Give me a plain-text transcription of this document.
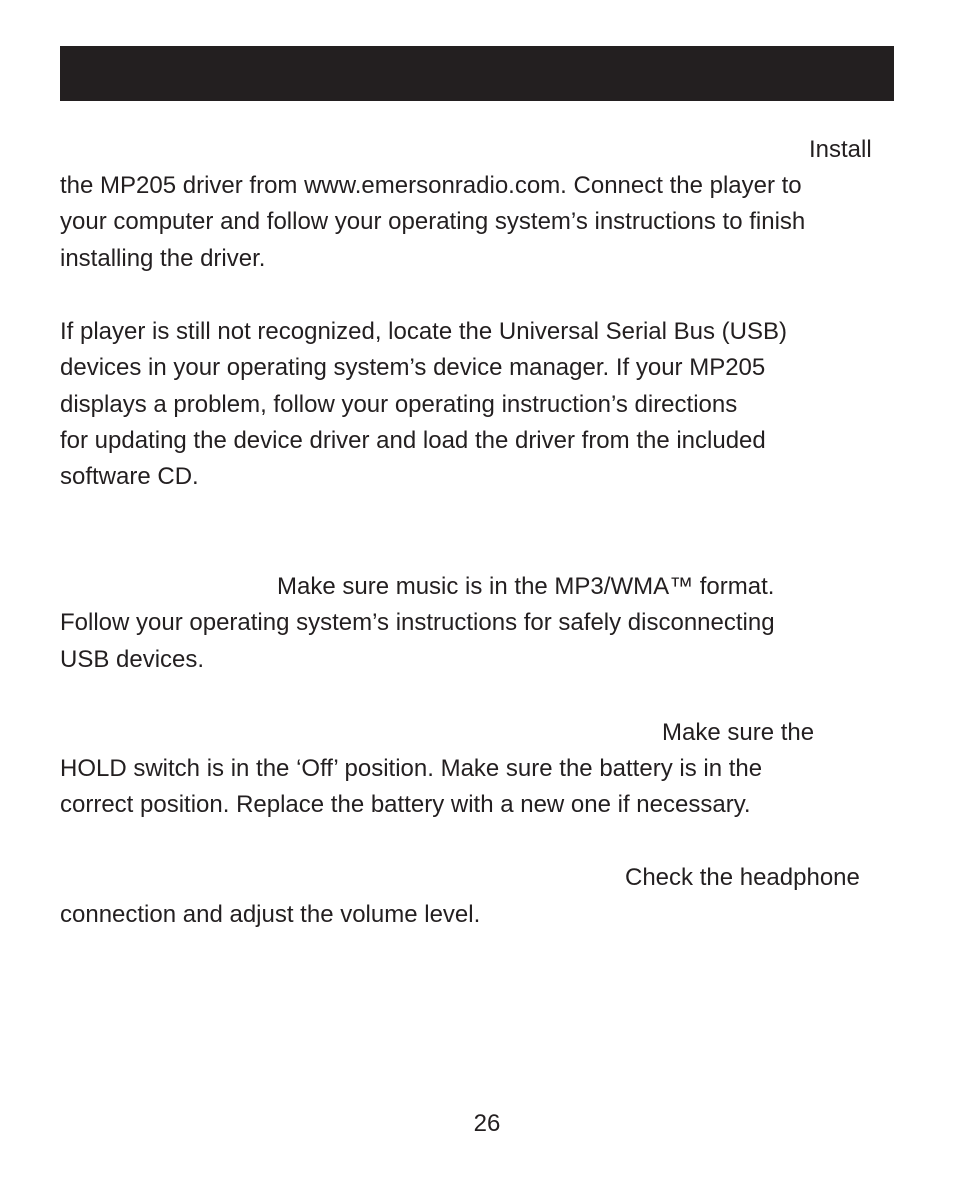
Install

the MP205 driver from www.emersonradio.com. Connect the player to

your computer and follow your operating system’s instructions to finish

installing the driver.

If player is still not recognized, locate the Universal Serial Bus (USB)

devices in your operating system’s device manager. If your MP205

displays a problem, follow your operating instruction’s directions

for updating the device driver and load the driver from the included

software CD.

Make sure music is in the MP3/WMA™ format.

Follow your operating system’s instructions for safely disconnecting

USB devices.

Make sure the

HOLD switch is in the ‘Off’ position. Make sure the battery is in the

correct position. Replace the battery with a new one if necessary.

Check the headphone

connection and adjust the volume level.

26
